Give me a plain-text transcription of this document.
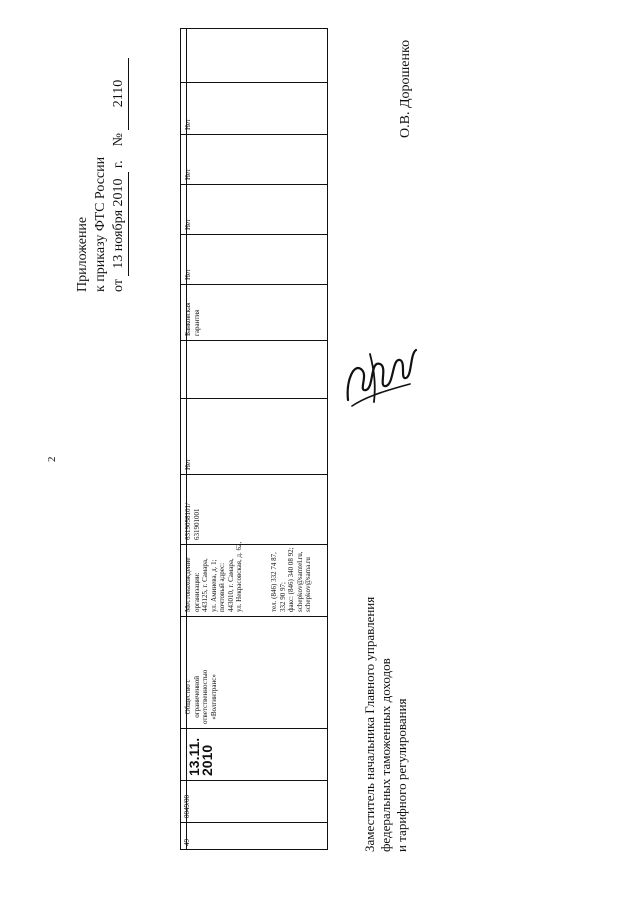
2
Приложение к приказу ФТС России от 13 ноября 2010 г.    № 2110
49
0049/00
13.11.
2010
Общество с ограниченной ответственностью «Волгинтранс»
Местонахождение организации: 443125, г. Самара, ул. Аминева, д. 1; почтовый адрес: 443010, г. Самара, ул. Некрасовская, д. 62,	тел. (846) 332 74 87, 332 90 97; факс: (846) 340 08 92; schepkov@samtel.ru, schepkov@sama.ru
6319058101/ 631901001
Нет
Банковская гарантия
Нет
Нет
Нет
Нет
Заместитель начальника Главного управления федеральных таможенных доходов и тарифного регулирования
О.В. Дорошенко
